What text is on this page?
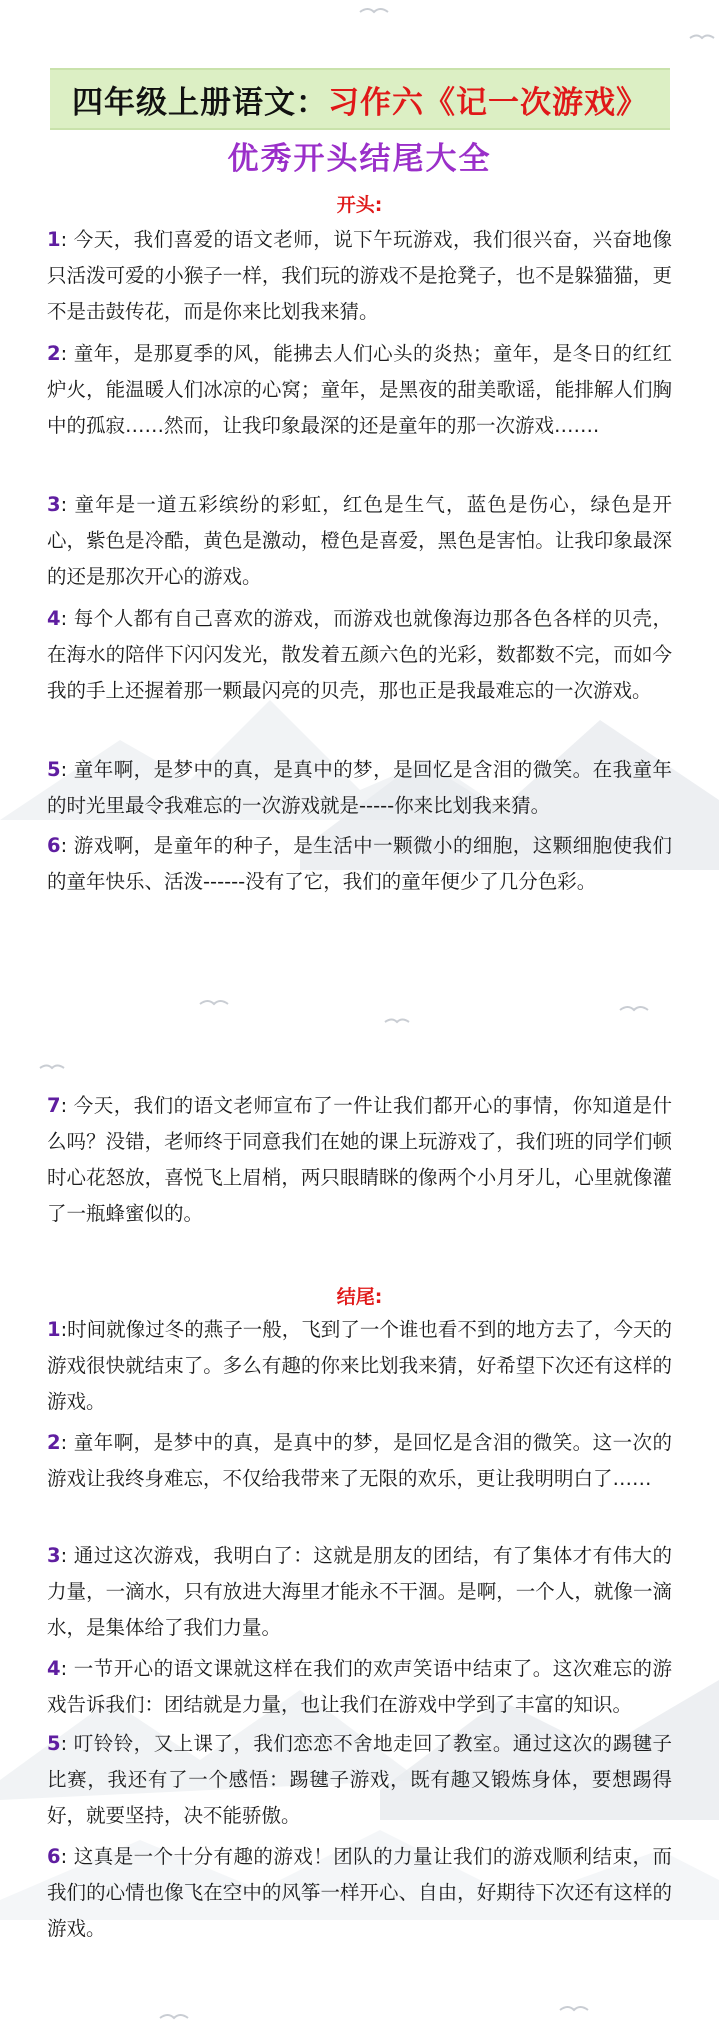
四年级上册语文： 习作六《记一次游戏》
优秀开头结尾大全
开头:
1: 今天，我们喜爱的语文老师，说下午玩游戏，我们很兴奋，兴奋地像只活泼可爱的小猴子一样，我们玩的游戏不是抢凳子，也不是躲猫猫，更不是击鼓传花，而是你来比划我来猜。
2: 童年，是那夏季的风，能拂去人们心头的炎热；童年，是冬日的红红炉火，能温暖人们冰凉的心窝；童年，是黑夜的甜美歌谣，能排解人们胸中的孤寂……然而，让我印象最深的还是童年的那一次游戏…….
3: 童年是一道五彩缤纷的彩虹，红色是生气，蓝色是伤心，绿色是开心，紫色是冷酷，黄色是激动，橙色是喜爱，黑色是害怕。让我印象最深的还是那次开心的游戏。
4: 每个人都有自己喜欢的游戏，而游戏也就像海边那各色各样的贝壳，在海水的陪伴下闪闪发光，散发着五颜六色的光彩，数都数不完，而如今我的手上还握着那一颗最闪亮的贝壳，那也正是我最难忘的一次游戏。
5: 童年啊，是梦中的真，是真中的梦，是回忆是含泪的微笑。在我童年的时光里最令我难忘的一次游戏就是-----你来比划我来猜。
6: 游戏啊，是童年的种子，是生活中一颗微小的细胞，这颗细胞使我们的童年快乐、活泼------没有了它，我们的童年便少了几分色彩。
7: 今天，我们的语文老师宣布了一件让我们都开心的事情，你知道是什么吗？没错，老师终于同意我们在她的课上玩游戏了，我们班的同学们顿时心花怒放，喜悦飞上眉梢，两只眼睛眯的像两个小月牙儿，心里就像灌了一瓶蜂蜜似的。
结尾:
1:时间就像过冬的燕子一般，飞到了一个谁也看不到的地方去了，今天的游戏很快就结束了。多么有趣的你来比划我来猜，好希望下次还有这样的游戏。
2: 童年啊，是梦中的真，是真中的梦，是回忆是含泪的微笑。这一次的游戏让我终身难忘，不仅给我带来了无限的欢乐，更让我明明白了……
3: 通过这次游戏，我明白了：这就是朋友的团结，有了集体才有伟大的力量，一滴水，只有放进大海里才能永不干涸。是啊，一个人，就像一滴水，是集体给了我们力量。
4: 一节开心的语文课就这样在我们的欢声笑语中结束了。这次难忘的游戏告诉我们：团结就是力量，也让我们在游戏中学到了丰富的知识。
5: 叮铃铃，又上课了，我们恋恋不舍地走回了教室。通过这次的踢毽子比赛，我还有了一个感悟：踢毽子游戏，既有趣又锻炼身体，要想踢得好，就要坚持，决不能骄傲。
6: 这真是一个十分有趣的游戏！团队的力量让我们的游戏顺利结束，而我们的心情也像飞在空中的风筝一样开心、自由，好期待下次还有这样的游戏。
